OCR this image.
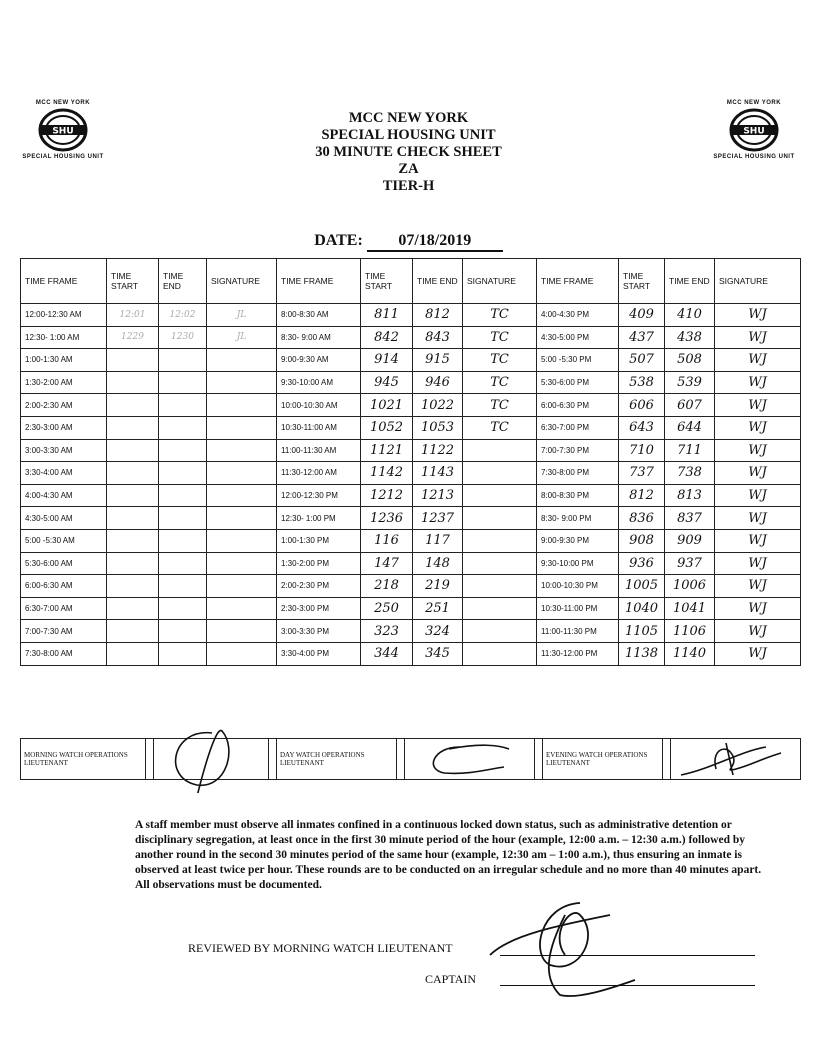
MCC NEW YORK
SHU
SPECIAL HOUSING UNIT
MCC NEW YORK
SHU
SPECIAL HOUSING UNIT
MCC NEW YORK
SPECIAL HOUSING UNIT
30 MINUTE CHECK SHEET
ZA
TIER-H
DATE: 07/18/2019
TIME FRAME	TIME START	TIME END	SIGNATURE	TIME FRAME	TIME START	TIME END	SIGNATURE	TIME FRAME	TIME START	TIME END	SIGNATURE
12:00-12:30 AM	12:01	12:02	JL	8:00-8:30 AM	811	812	TC	4:00-4:30 PM	409	410	WJ
12:30- 1:00 AM	1229	1230	JL	8:30- 9:00 AM	842	843	TC	4:30-5:00 PM	437	438	WJ
1:00-1:30 AM				9:00-9:30 AM	914	915	TC	5:00 -5:30 PM	507	508	WJ
1:30-2:00 AM				9:30-10:00 AM	945	946	TC	5:30-6:00 PM	538	539	WJ
2:00-2:30 AM				10:00-10:30 AM	1021	1022	TC	6:00-6:30 PM	606	607	WJ
2:30-3:00 AM				10:30-11:00 AM	1052	1053	TC	6:30-7:00 PM	643	644	WJ
3:00-3:30 AM				11:00-11:30 AM	1121	1122		7:00-7:30 PM	710	711	WJ
3:30-4:00 AM				11:30-12:00 AM	1142	1143		7:30-8:00 PM	737	738	WJ
4:00-4:30 AM				12:00-12:30 PM	1212	1213		8:00-8:30 PM	812	813	WJ
4:30-5:00 AM				12:30- 1:00 PM	1236	1237		8:30- 9:00 PM	836	837	WJ
5:00 -5:30 AM				1:00-1:30 PM	116	117		9:00-9:30 PM	908	909	WJ
5:30-6:00 AM				1:30-2:00 PM	147	148		9:30-10:00 PM	936	937	WJ
6:00-6:30 AM				2:00-2:30 PM	218	219		10:00-10:30 PM	1005	1006	WJ
6:30-7:00 AM				2:30-3:00 PM	250	251		10:30-11:00 PM	1040	1041	WJ
7:00-7:30 AM				3:00-3:30 PM	323	324		11:00-11:30 PM	1105	1106	WJ
7:30-8:00 AM				3:30-4:00 PM	344	345		11:30-12:00 PM	1138	1140	WJ
MORNING WATCH OPERATIONS LIEUTENANT		
		DAY WATCH OPERATIONS LIEUTENANT		
		EVENING WATCH OPERATIONS LIEUTENANT		
A staff member must observe all inmates confined in a continuous locked down status, such as administrative detention or disciplinary segregation, at least once in the first 30 minute period of the hour (example, 12:00 a.m. – 12:30 a.m.) followed by another round in the second 30 minutes period of the same hour (example, 12:30 am – 1:00 a.m.), thus ensuring an inmate is observed at least twice per hour. These rounds are to be conducted on an irregular schedule and no more than 40 minutes apart. All observations must be documented.
REVIEWED BY MORNING WATCH LIEUTENANT
CAPTAIN
